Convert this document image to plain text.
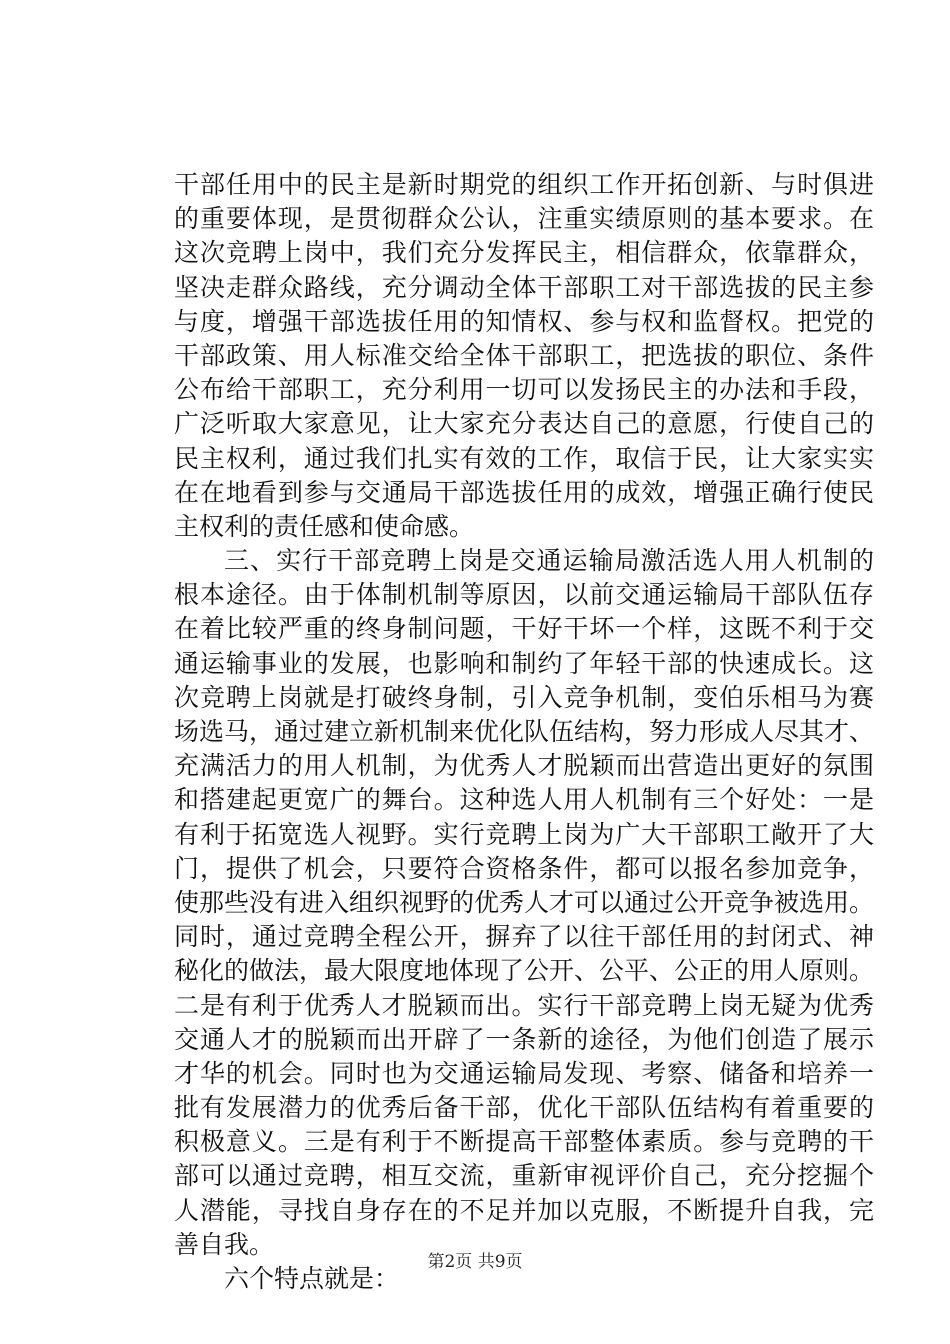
干部任用中的民主是新时期党的组织工作开拓创新、与时俱进
的重要体现，是贯彻群众公认，注重实绩原则的基本要求。在
这次竞聘上岗中，我们充分发挥民主，相信群众，依靠群众，
坚决走群众路线，充分调动全体干部职工对干部选拔的民主参
与度，增强干部选拔任用的知情权、参与权和监督权。把党的
干部政策、用人标准交给全体干部职工，把选拔的职位、条件
公布给干部职工，充分利用一切可以发扬民主的办法和手段，
广泛听取大家意见，让大家充分表达自己的意愿，行使自己的
民主权利，通过我们扎实有效的工作，取信于民，让大家实实
在在地看到参与交通局干部选拔任用的成效，增强正确行使民
主权利的责任感和使命感。
三、实行干部竞聘上岗是交通运输局激活选人用人机制的
根本途径。由于体制机制等原因，以前交通运输局干部队伍存
在着比较严重的终身制问题，干好干坏一个样，这既不利于交
通运输事业的发展，也影响和制约了年轻干部的快速成长。这
次竞聘上岗就是打破终身制，引入竞争机制，变伯乐相马为赛
场选马，通过建立新机制来优化队伍结构，努力形成人尽其才、
充满活力的用人机制，为优秀人才脱颖而出营造出更好的氛围
和搭建起更宽广的舞台。这种选人用人机制有三个好处：一是
有利于拓宽选人视野。实行竞聘上岗为广大干部职工敞开了大
门，提供了机会，只要符合资格条件，都可以报名参加竞争，
使那些没有进入组织视野的优秀人才可以通过公开竞争被选用。
同时，通过竞聘全程公开，摒弃了以往干部任用的封闭式、神
秘化的做法，最大限度地体现了公开、公平、公正的用人原则。
二是有利于优秀人才脱颖而出。实行干部竞聘上岗无疑为优秀
交通人才的脱颖而出开辟了一条新的途径，为他们创造了展示
才华的机会。同时也为交通运输局发现、考察、储备和培养一
批有发展潜力的优秀后备干部，优化干部队伍结构有着重要的
积极意义。三是有利于不断提高干部整体素质。参与竞聘的干
部可以通过竞聘，相互交流，重新审视评价自己，充分挖掘个
人潜能，寻找自身存在的不足并加以克服，不断提升自我，完
善自我。
六个特点就是：
第2页 共9页
